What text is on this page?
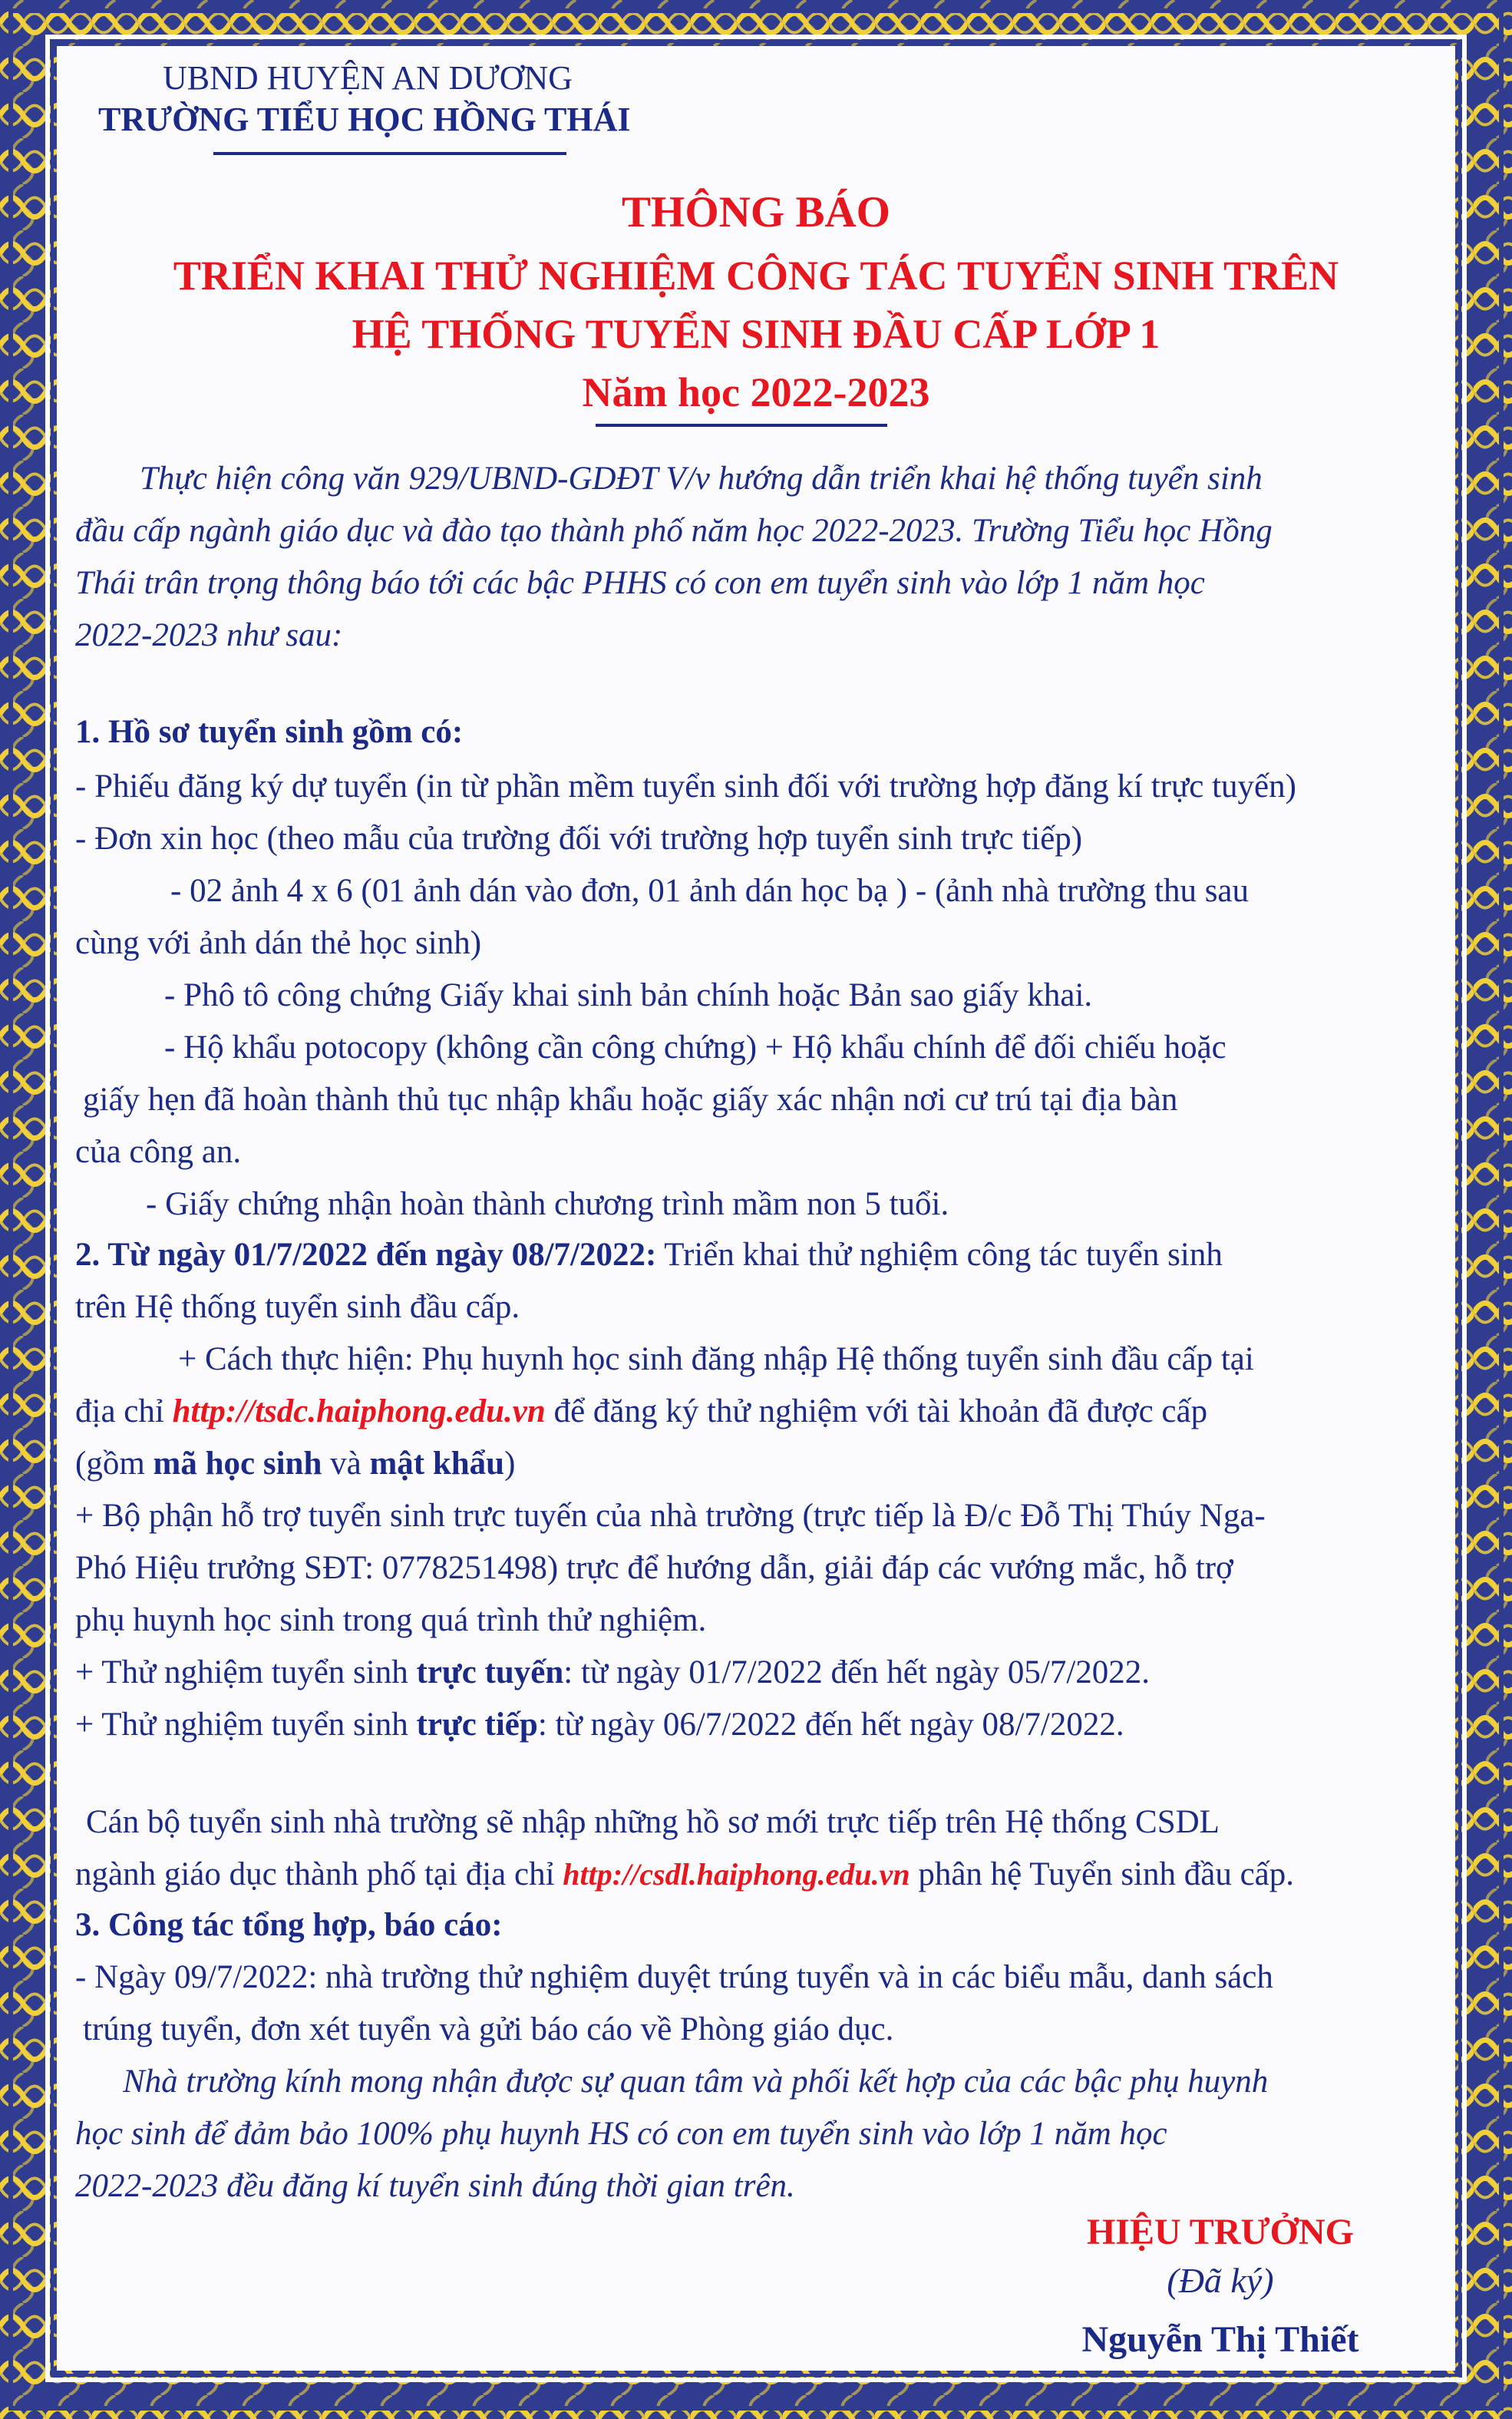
UBND HUYỆN AN DƯƠNG
TRƯỜNG TIỂU HỌC HỒNG THÁI
THÔNG BÁO
TRIỂN KHAI THỬ NGHIỆM CÔNG TÁC TUYỂN SINH TRÊN
HỆ THỐNG TUYỂN SINH ĐẦU CẤP LỚP 1
Năm học 2022-2023
Thực hiện công văn 929/UBND-GDĐT V/v hướng dẫn triển khai hệ thống tuyển sinh
đầu cấp ngành giáo dục và đào tạo thành phố năm học 2022-2023. Trường Tiểu học Hồng
Thái trân trọng thông báo tới các bậc PHHS có con em tuyển sinh vào lớp 1 năm học
2022-2023 như sau:
1. Hồ sơ tuyển sinh gồm có:
- Phiếu đăng ký dự tuyển (in từ phần mềm tuyển sinh đối với trường hợp đăng kí trực tuyến)
- Đơn xin học (theo mẫu của trường đối với trường hợp tuyển sinh trực tiếp)
- 02 ảnh 4 x 6 (01 ảnh dán vào đơn, 01 ảnh dán học bạ ) - (ảnh nhà trường thu sau
cùng với ảnh dán thẻ học sinh)
- Phô tô công chứng Giấy khai sinh bản chính hoặc Bản sao giấy khai.
- Hộ khẩu potocopy (không cần công chứng) + Hộ khẩu chính để đối chiếu hoặc
giấy hẹn đã hoàn thành thủ tục nhập khẩu hoặc giấy xác nhận nơi cư trú tại địa bàn
của công an.
- Giấy chứng nhận hoàn thành chương trình mầm non 5 tuổi.
2. Từ ngày 01/7/2022 đến ngày 08/7/2022: Triển khai thử nghiệm công tác tuyển sinh
trên Hệ thống tuyển sinh đầu cấp.
+ Cách thực hiện: Phụ huynh học sinh đăng nhập Hệ thống tuyển sinh đầu cấp tại
địa chỉ http://tsdc.haiphong.edu.vn để đăng ký thử nghiệm với tài khoản đã được cấp
(gồm mã học sinh và mật khẩu)
+ Bộ phận hỗ trợ tuyển sinh trực tuyến của nhà trường (trực tiếp là Đ/c Đỗ Thị Thúy Nga-
Phó Hiệu trưởng SĐT: 0778251498) trực để hướng dẫn, giải đáp các vướng mắc, hỗ trợ
phụ huynh học sinh trong quá trình thử nghiệm.
+ Thử nghiệm tuyển sinh trực tuyến: từ ngày 01/7/2022 đến hết ngày 05/7/2022.
+ Thử nghiệm tuyển sinh trực tiếp: từ ngày 06/7/2022 đến hết ngày 08/7/2022.
Cán bộ tuyển sinh nhà trường sẽ nhập những hồ sơ mới trực tiếp trên Hệ thống CSDL
ngành giáo dục thành phố tại địa chỉ http://csdl.haiphong.edu.vn phân hệ Tuyển sinh đầu cấp.
3. Công tác tổng hợp, báo cáo:
- Ngày 09/7/2022: nhà trường thử nghiệm duyệt trúng tuyển và in các biểu mẫu, danh sách
trúng tuyển, đơn xét tuyển và gửi báo cáo về Phòng giáo dục.
Nhà trường kính mong nhận được sự quan tâm và phối kết hợp của các bậc phụ huynh
học sinh để đảm bảo 100% phụ huynh HS có con em tuyển sinh vào lớp 1 năm học
2022-2023 đều đăng kí tuyển sinh đúng thời gian trên.
HIỆU TRƯỞNG
(Đã ký)
Nguyễn Thị Thiết
